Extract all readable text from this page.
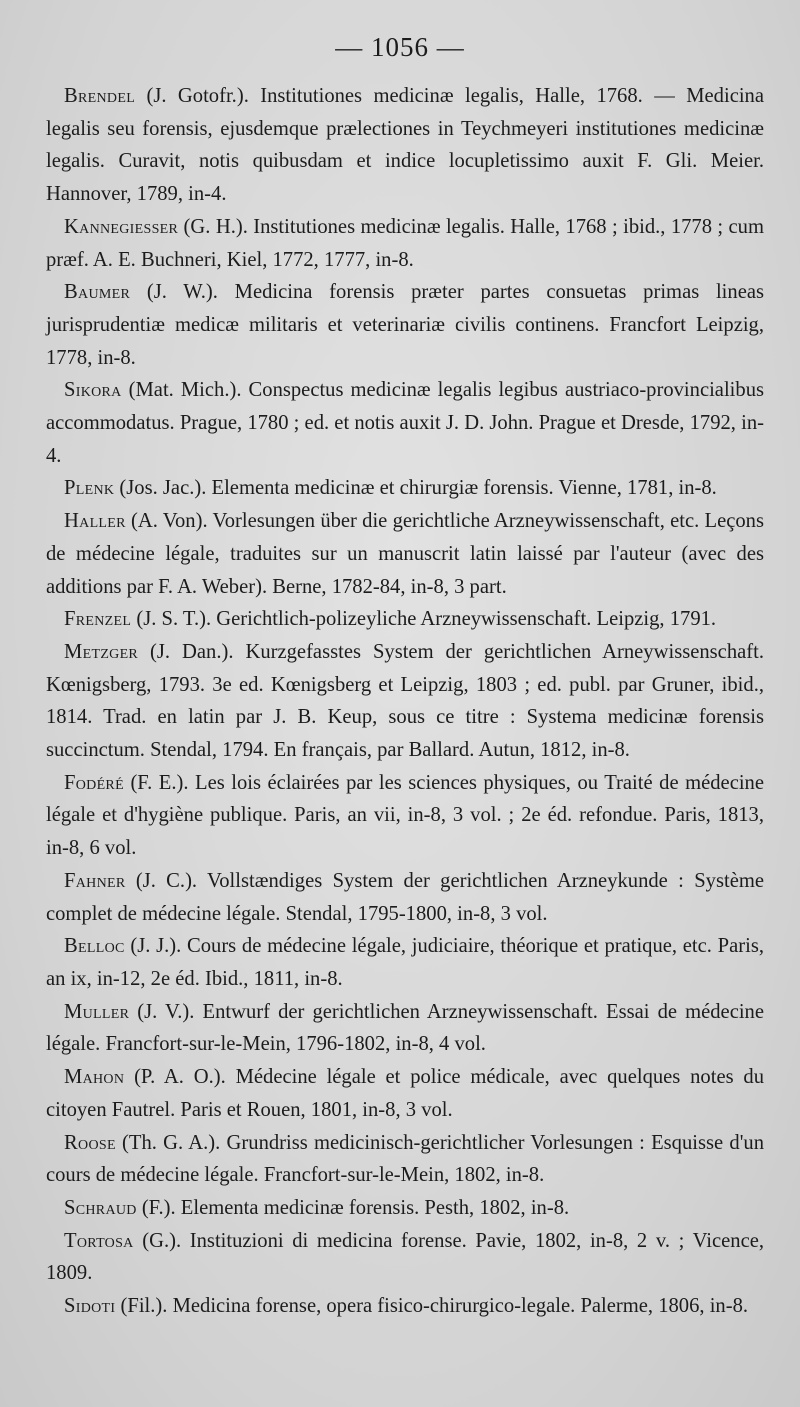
— 1056 —

Brendel (J. Gotofr.). Institutiones medicinæ legalis, Halle, 1768. — Medicina legalis seu forensis, ejusdemque prælectiones in Teychmeyeri institutiones medicinæ legalis. Curavit, notis quibusdam et indice locupletissimo auxit F. Gli. Meier. Hannover, 1789, in-4.

Kannegiesser (G. H.). Institutiones medicinæ legalis. Halle, 1768 ; ibid., 1778 ; cum præf. A. E. Buchneri, Kiel, 1772, 1777, in-8.

Baumer (J. W.). Medicina forensis præter partes consuetas primas lineas jurisprudentiæ medicæ militaris et veterinariæ civilis continens. Francfort Leipzig, 1778, in-8.

Sikora (Mat. Mich.). Conspectus medicinæ legalis legibus austriaco-provincialibus accommodatus. Prague, 1780 ; ed. et notis auxit J. D. John. Prague et Dresde, 1792, in-4.

Plenk (Jos. Jac.). Elementa medicinæ et chirurgiæ forensis. Vienne, 1781, in-8.

Haller (A. Von). Vorlesungen über die gerichtliche Arzneywissenschaft, etc. Leçons de médecine légale, traduites sur un manuscrit latin laissé par l'auteur (avec des additions par F. A. Weber). Berne, 1782-84, in-8, 3 part.

Frenzel (J. S. T.). Gerichtlich-polizeyliche Arzneywissenschaft. Leipzig, 1791.

Metzger (J. Dan.). Kurzgefasstes System der gerichtlichen Arneywissenschaft. Kœnigsberg, 1793. 3e ed. Kœnigsberg et Leipzig, 1803 ; ed. publ. par Gruner, ibid., 1814. Trad. en latin par J. B. Keup, sous ce titre : Systema medicinæ forensis succinctum. Stendal, 1794. En français, par Ballard. Autun, 1812, in-8.

Fodéré (F. E.). Les lois éclairées par les sciences physiques, ou Traité de médecine légale et d'hygiène publique. Paris, an vii, in-8, 3 vol. ; 2e éd. refondue. Paris, 1813, in-8, 6 vol.

Fahner (J. C.). Vollstændiges System der gerichtlichen Arzneykunde : Système complet de médecine légale. Stendal, 1795-1800, in-8, 3 vol.

Belloc (J. J.). Cours de médecine légale, judiciaire, théorique et pratique, etc. Paris, an ix, in-12, 2e éd. Ibid., 1811, in-8.

Muller (J. V.). Entwurf der gerichtlichen Arzneywissenschaft. Essai de médecine légale. Francfort-sur-le-Mein, 1796-1802, in-8, 4 vol.

Mahon (P. A. O.). Médecine légale et police médicale, avec quelques notes du citoyen Fautrel. Paris et Rouen, 1801, in-8, 3 vol.

Roose (Th. G. A.). Grundriss medicinisch-gerichtlicher Vorlesungen : Esquisse d'un cours de médecine légale. Francfort-sur-le-Mein, 1802, in-8.

Schraud (F.). Elementa medicinæ forensis. Pesth, 1802, in-8.

Tortosa (G.). Instituzioni di medicina forense. Pavie, 1802, in-8, 2 v. ; Vicence, 1809.

Sidoti (Fil.). Medicina forense, opera fisico-chirurgico-legale. Palerme, 1806, in-8.
